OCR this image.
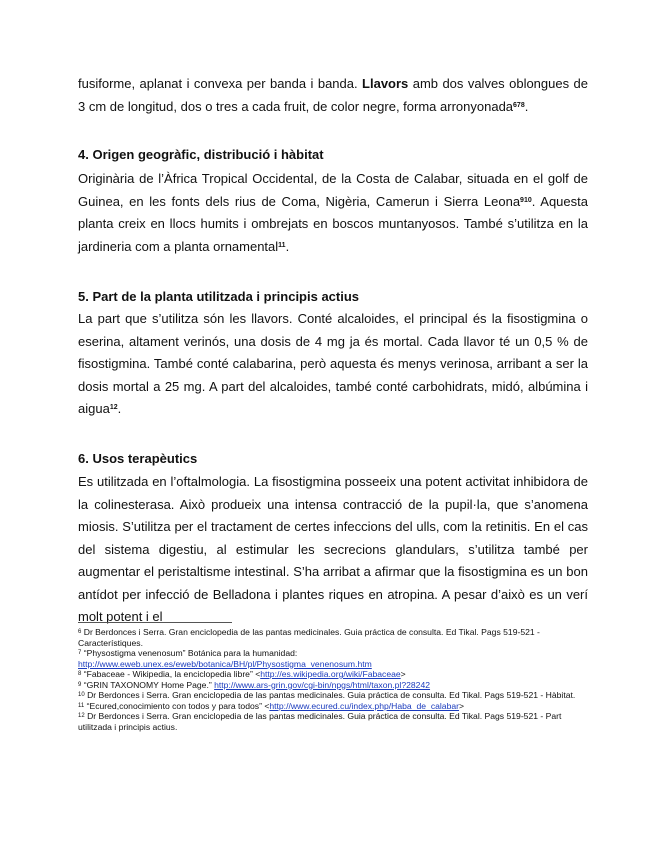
fusiforme, aplanat i convexa per banda i banda. Llavors amb dos valves oblongues de 3 cm de longitud, dos o tres a cada fruit, de color negre, forma arronyonada$^{678}$.

4. Origen geogràfic, distribució i hàbitat

Originària de l’Àfrica Tropical Occidental, de la Costa de Calabar, situada en el golf de Guinea, en les fonts dels rius de Coma, Nigèria, Camerun i Sierra Leona$^{910}$. Aquesta planta creix en llocs humits i ombrejats en boscos muntanyosos. També s’utilitza en la jardineria com a planta ornamental$^{11}$.

5. Part de la planta utilitzada i principis actius

La part que s’utilitza són les llavors. Conté alcaloides, el principal és la fisostigmina o eserina, altament verinós, una dosis de 4 mg ja és mortal. Cada llavor té un 0,5 % de fisostigmina. També conté calabarina, però aquesta és menys verinosa, arribant a ser la dosis mortal a 25 mg. A part del alcaloides, també conté carbohidrats, midó, albúmina i aigua$^{12}$.

6. Usos terapèutics

Es utilitzada en l’oftalmologia. La fisostigmina posseeix una potent activitat inhibidora de la colinesterasa. Això produeix una intensa contracció de la pupil·la, que s’anomena miosis. S’utilitza per el tractament de certes infeccions del ulls, com la retinitis. En el cas del sistema digestiu, al estimular les secrecions glandulars, s’utilitza també per augmentar el peristaltisme intestinal. S’ha arribat a afirmar que la fisostigmina es un bon antídot per infecció de Belladona i plantes riques en atropina. A pesar d’això es un verí molt potent i el

$^6$ Dr Berdonces i Serra. Gran enciclopedia de las pantas medicinales. Guia práctica de consulta. Ed Tikal. Pags 519-521 - Característiques.

$^7$ “Physostigma venenosum” Botánica para la humanidad:
http://www.eweb.unex.es/eweb/botanica/BH/pl/Physostigma_venenosum.htm

$^8$ “Fabaceae - Wikipedia, la enciclopedia libre” <http://es.wikipedia.org/wiki/Fabaceae>

$^9$ “GRIN TAXONOMY Home Page.” http://www.ars-grin.gov/cgi-bin/npgs/html/taxon.pl?28242

$^{10}$ Dr Berdonces i Serra. Gran enciclopedia de las pantas medicinales. Guia práctica de consulta. Ed Tikal. Pags 519-521 - Hàbitat.

$^{11}$ “Ecured,conocimiento con todos y para todos” <http://www.ecured.cu/index.php/Haba_de_calabar>

$^{12}$ Dr Berdonces i Serra. Gran enciclopedia de las pantas medicinales. Guia práctica de consulta. Ed Tikal. Pags 519-521 - Part utilitzada i principis actius.
